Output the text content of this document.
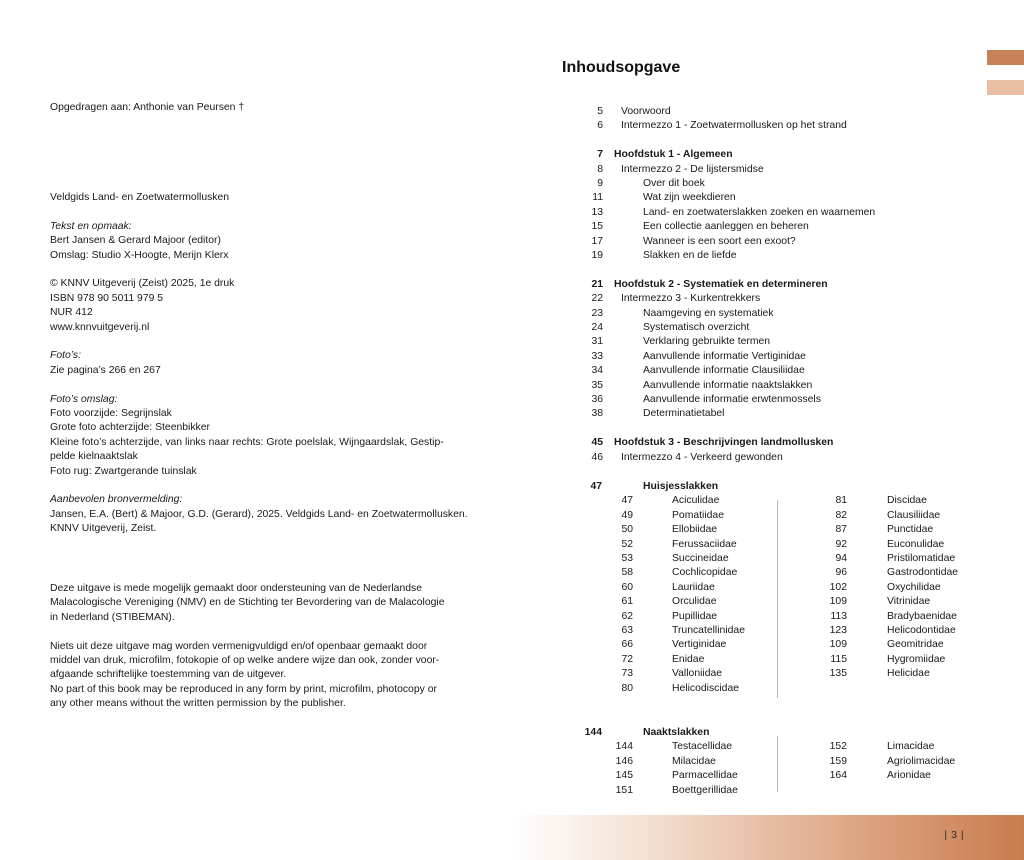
Opgedragen aan: Anthonie van Peursen †
Veldgids Land- en Zoetwatermollusken
Tekst en opmaak:
Bert Jansen & Gerard Majoor (editor)
Omslag: Studio X-Hoogte, Merijn Klerx
© KNNV Uitgeverij (Zeist) 2025, 1e druk
ISBN 978 90 5011 979 5
NUR 412
www.knnvuitgeverij.nl
Foto’s:
Zie pagina’s 266 en 267
Foto’s omslag:
Foto voorzijde: Segrijnslak
Grote foto achterzijde: Steenbikker
Kleine foto’s achterzijde, van links naar rechts: Grote poelslak, Wijngaardslak, Gestip-
pelde kielnaaktslak
Foto rug: Zwartgerande tuinslak
Aanbevolen bronvermelding:
Jansen, E.A. (Bert) & Majoor, G.D. (Gerard), 2025. Veldgids Land- en Zoetwatermollusken.
KNNV Uitgeverij, Zeist.
Deze uitgave is mede mogelijk gemaakt door ondersteuning van de Nederlandse
Malacologische Vereniging (NMV) en de Stichting ter Bevordering van de Malacologie
in Nederland (STIBEMAN).
Niets uit deze uitgave mag worden vermenigvuldigd en/of openbaar gemaakt door
middel van druk, microfilm, fotokopie of op welke andere wijze dan ook, zonder voor-
afgaande schriftelijke toestemming van de uitgever.
No part of this book may be reproduced in any form by print, microfilm, photocopy or
any other means without the written permission by the publisher.
Inhoudsopgave
5 Voorwoord
6 Intermezzo 1 - Zoetwatermollusken op het strand
7 Hoofdstuk 1 - Algemeen
8 Intermezzo 2 - De lijstersmidse
9	Over dit boek
11	Wat zijn weekdieren
13	Land- en zoetwaterslakken zoeken en waarnemen
15	Een collectie aanleggen en beheren
17	Wanneer is een soort een exoot?
19	Slakken en de liefde
21 Hoofdstuk 2 - Systematiek en determineren
22 Intermezzo 3 - Kurkentrekkers
23	Naamgeving en systematiek
24	Systematisch overzicht
31	Verklaring gebruikte termen
33	Aanvullende informatie Vertiginidae
34	Aanvullende informatie Clausiliidae
35	Aanvullende informatie naaktslakken
36	Aanvullende informatie erwtenmossels
38	Determinatietabel
45 Hoofdstuk 3 - Beschrijvingen landmollusken
46 Intermezzo 4 - Verkeerd gewonden
47	Huisjesslakken
47	Aciculidae
49	Pomatiidae
50	Ellobiidae
52	Ferussaciidae
53	Succineidae
58	Cochlicopidae
60	Lauriidae
61	Orculidae
62	Pupillidae
63	Truncatellinidae
66	Vertiginidae
72	Enidae
73	Valloniidae
80	Helicodiscidae
81	Discidae
82	Clausiliidae
87	Punctidae
92	Euconulidae
94	Pristilomatidae
96	Gastrodontidae
102	Oxychilidae
109	Vitrinidae
113	Bradybaenidae
123	Helicodontidae
109	Geomitridae
115	Hygromiidae
135	Helicidae
144	Naaktslakken
144	Testacellidae
146	Milacidae
145	Parmacellidae
151	Boettgerillidae
152	Limacidae
159	Agriolimacidae
164	Arionidae
|3|
